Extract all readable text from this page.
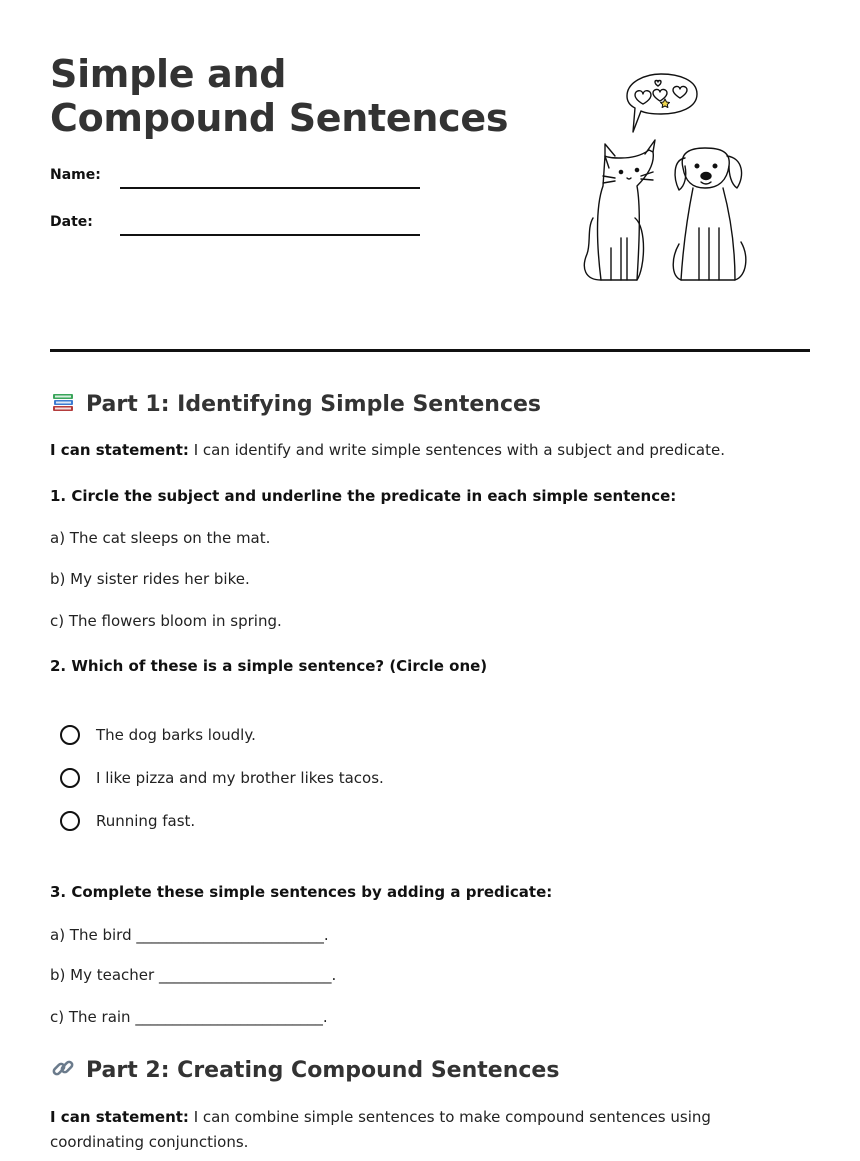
Simple and Compound Sentences
Name:
Date:
Part 1: Identifying Simple Sentences
I can statement: I can identify and write simple sentences with a subject and predicate.
1. Circle the subject and underline the predicate in each simple sentence:
a) The cat sleeps on the mat.
b) My sister rides her bike.
c) The flowers bloom in spring.
2. Which of these is a simple sentence? (Circle one)
The dog barks loudly.
I like pizza and my brother likes tacos.
Running fast.
3. Complete these simple sentences by adding a predicate:
a) The bird _________________________.
b) My teacher _______________________.
c) The rain _________________________.
Part 2: Creating Compound Sentences
I can statement: I can combine simple sentences to make compound sentences using coordinating conjunctions.
